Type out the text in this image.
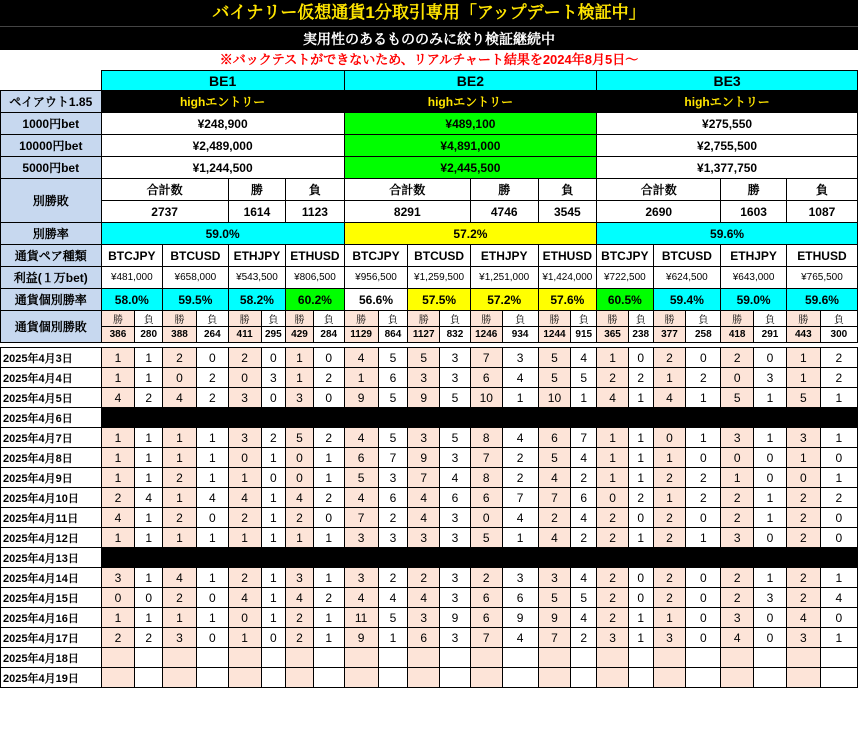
バイナリー仮想通貨1分取引専用「アップデート検証中」
実用性のあるもののみに絞り検証継続中
※バックテストができないため、リアルチャート結果を2024年8月5日〜
	BE1								BE2								BE3							
ペイアウト1.85	highエントリー								highエントリー								highエントリー							
1000円bet	¥248,900								¥489,100								¥275,550							
10000円bet	¥2,489,000								¥4,891,000								¥2,755,500							
5000円bet	¥1,244,500								¥2,445,500								¥1,377,750							
別勝敗	合計数				勝		負		合計数				勝		負		合計数				勝		負	
	2737				1614		1123		8291				4746		3545		2690				1603		1087	
別勝率	59.0%								57.2%								59.6%							
通貨ペア種類	BTCJPY		BTCUSD		ETHJPY		ETHUSD		BTCJPY		BTCUSD		ETHJPY		ETHUSD		BTCJPY		BTCUSD		ETHJPY		ETHUSD	
利益(１万bet)	¥481,000		¥658,000		¥543,500		¥806,500		¥956,500		¥1,259,500		¥1,251,000		¥1,424,000		¥722,500		¥624,500		¥643,000		¥765,500	
通貨個別勝率	58.0%		59.5%		58.2%		60.2%		56.6%		57.5%		57.2%		57.6%		60.5%		59.4%		59.0%		59.6%	
通貨個別勝敗	勝	負	勝	負	勝	負	勝	負	勝	負	勝	負	勝	負	勝	負	勝	負	勝	負	勝	負	勝	負
	386	280	388	264	411	295	429	284	1129	864	1127	832	1246	934	1244	915	365	238	377	258	418	291	443	300

2025年4月3日	1	1	2	0	2	0	1	0	4	5	5	3	7	3	5	4	1	0	2	0	2	0	1	2
2025年4月4日	1	1	0	2	0	3	1	2	1	6	3	3	6	4	5	5	2	2	1	2	0	3	1	2
2025年4月5日	4	2	4	2	3	0	3	0	9	5	9	5	10	1	10	1	4	1	4	1	5	1	5	1
2025年4月6日																								
2025年4月7日	1	1	1	1	3	2	5	2	4	5	3	5	8	4	6	7	1	1	0	1	3	1	3	1
2025年4月8日	1	1	1	1	0	1	0	1	6	7	9	3	7	2	5	4	1	1	1	0	0	0	1	0
2025年4月9日	1	1	2	1	1	0	0	1	5	3	7	4	8	2	4	2	1	1	2	2	1	0	0	1
2025年4月10日	2	4	1	4	4	1	4	2	4	6	4	6	6	7	7	6	0	2	1	2	2	1	2	2
2025年4月11日	4	1	2	0	2	1	2	0	7	2	4	3	0	4	2	4	2	0	2	0	2	1	2	0
2025年4月12日	1	1	1	1	1	1	1	1	3	3	3	3	5	1	4	2	2	1	2	1	3	0	2	0
2025年4月13日																								
2025年4月14日	3	1	4	1	2	1	3	1	3	2	2	3	2	3	3	4	2	0	2	0	2	1	2	1
2025年4月15日	0	0	2	0	4	1	4	2	4	4	4	3	6	6	5	5	2	0	2	0	2	3	2	4
2025年4月16日	1	1	1	1	0	1	2	1	11	5	3	9	6	9	9	4	2	1	1	0	3	0	4	0
2025年4月17日	2	2	3	0	1	0	2	1	9	1	6	3	7	4	7	2	3	1	3	0	4	0	3	1
2025年4月18日																								
2025年4月19日																								
